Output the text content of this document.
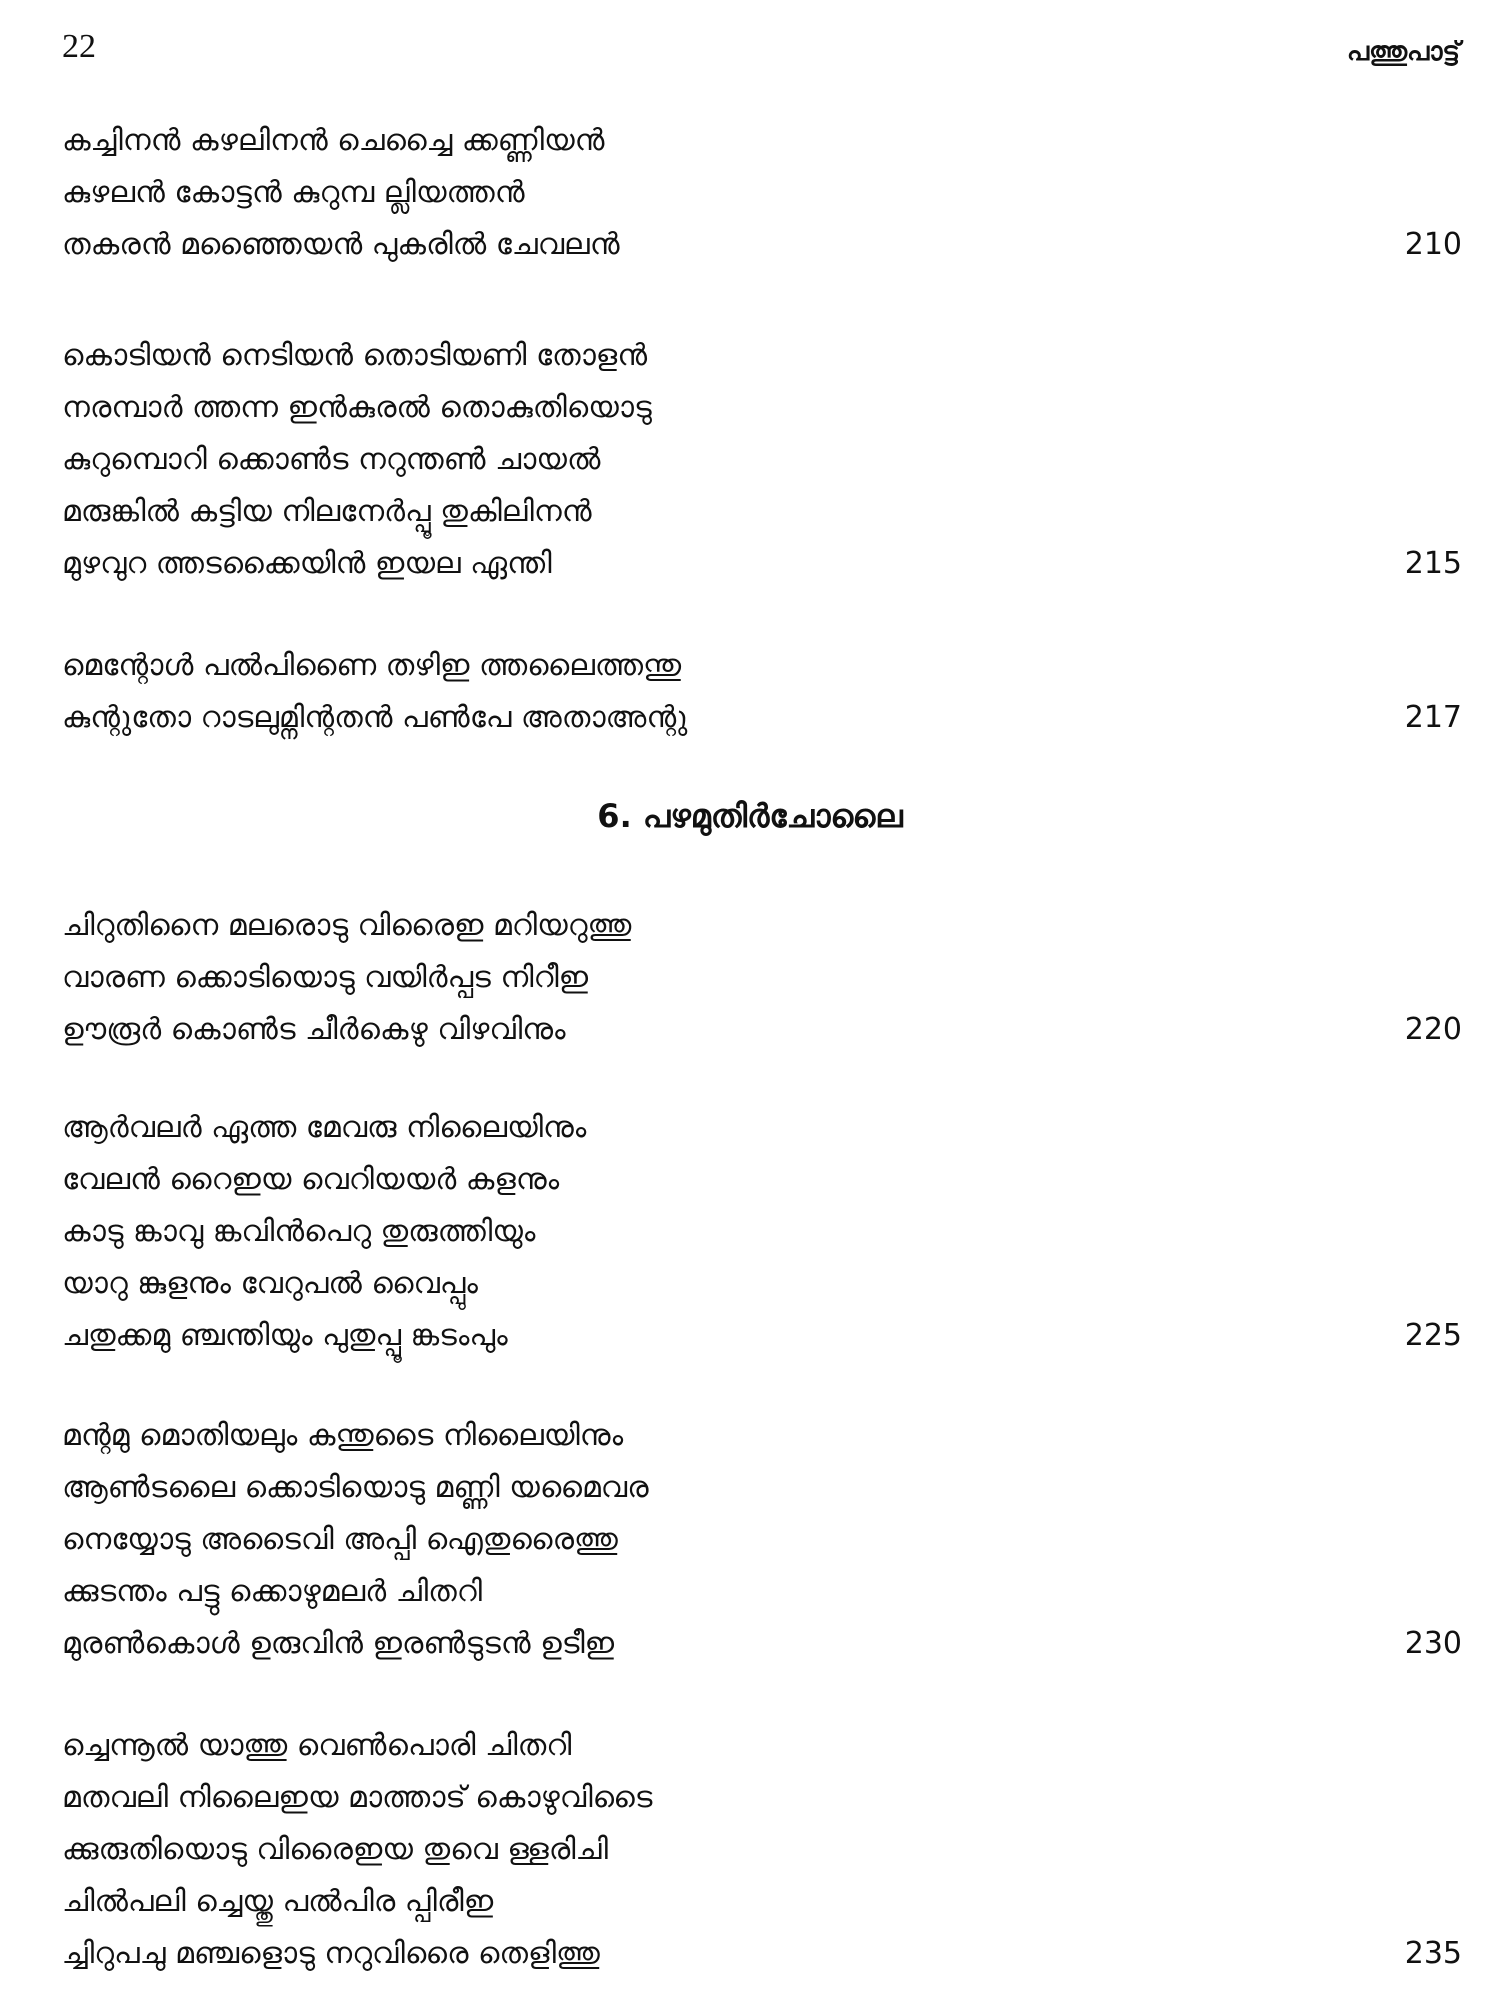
22	പത്തുപാട്ട്
കച്ചിനൻ കഴലിനൻ ചെച്ചൈ ക്കണ്ണിയൻ
കുഴലൻ കോട്ടൻ കുറുമ്പ ല്ലിയത്തൻ
തകരൻ മഞ്ഞൈയൻ പുകരിൽ ചേവലൻ	210
കൊടിയൻ നെടിയൻ തൊടിയണി തോളൻ
നരമ്പാർ ത്തന്ന ഇൻകുരൽ തൊകുതിയൊടു
കുറുമ്പൊറി ക്കൊൺട നറുന്തൺ ചായൽ
മരുങ്കിൽ കട്ടിയ നിലനേർപ്പൂ തുകിലിനൻ
മുഴവുറ ത്തടക്കൈയിൻ ഇയല ഏന്തി	215
മെന്റോൾ പൽപിണൈ തഴിഇ ത്തലൈത്തന്തു
കുന്റുതോ റാടലുമ്നിന്റതൻ പൺപേ അതാഅന്റു	217
6. പഴമുതിർചോലൈ
ചിറുതിനൈ മലരൊടു വിരൈഇ മറിയറുത്തു
വാരണ ക്കൊടിയൊടു വയിർപ്പട നിറീഇ
ഊരൂർ കൊൺട ചീർകെഴു വിഴവിനും	220
ആർവലർ ഏത്ത മേവരു നിലൈയിനും
വേലൻ റൈഇയ വെറിയയർ കളനും
കാടു ങ്കാവു ങ്കവിൻപെറു തുരുത്തിയും
യാറു ങ്കുളനും വേറുപൽ വൈപ്പും
ചതുക്കമു ഞ്ചന്തിയും പുതുപ്പൂ ങ്കടംപും	225
മന്റമു മൊതിയലും കന്തുടൈ നിലൈയിനും
ആൺടലൈ ക്കൊടിയൊടു മണ്ണി യമൈവര
നെയ്യോടു അടൈവി അപ്പി ഐതുരൈത്തു
ക്കുടന്തം പട്ടു ക്കൊഴുമലർ ചിതറി
മുരൺകൊൾ ഉരുവിൻ ഇരൺടുടൻ ഉടീഇ	230
ച്ചെന്നൂൽ യാത്തു വെൺപൊരി ചിതറി
മതവലി നിലൈഇയ മാത്താട് കൊഴുവിടൈ
ക്കുരുതിയൊടു വിരൈഇയ തുവെ ള്ളരിചി
ചിൽപലി ച്ചെയ്തു പൽപിര പ്പിരീഇ
ച്ചിറുപചു മഞ്ചളൊടു നറുവിരൈ തെളിത്തു	235
